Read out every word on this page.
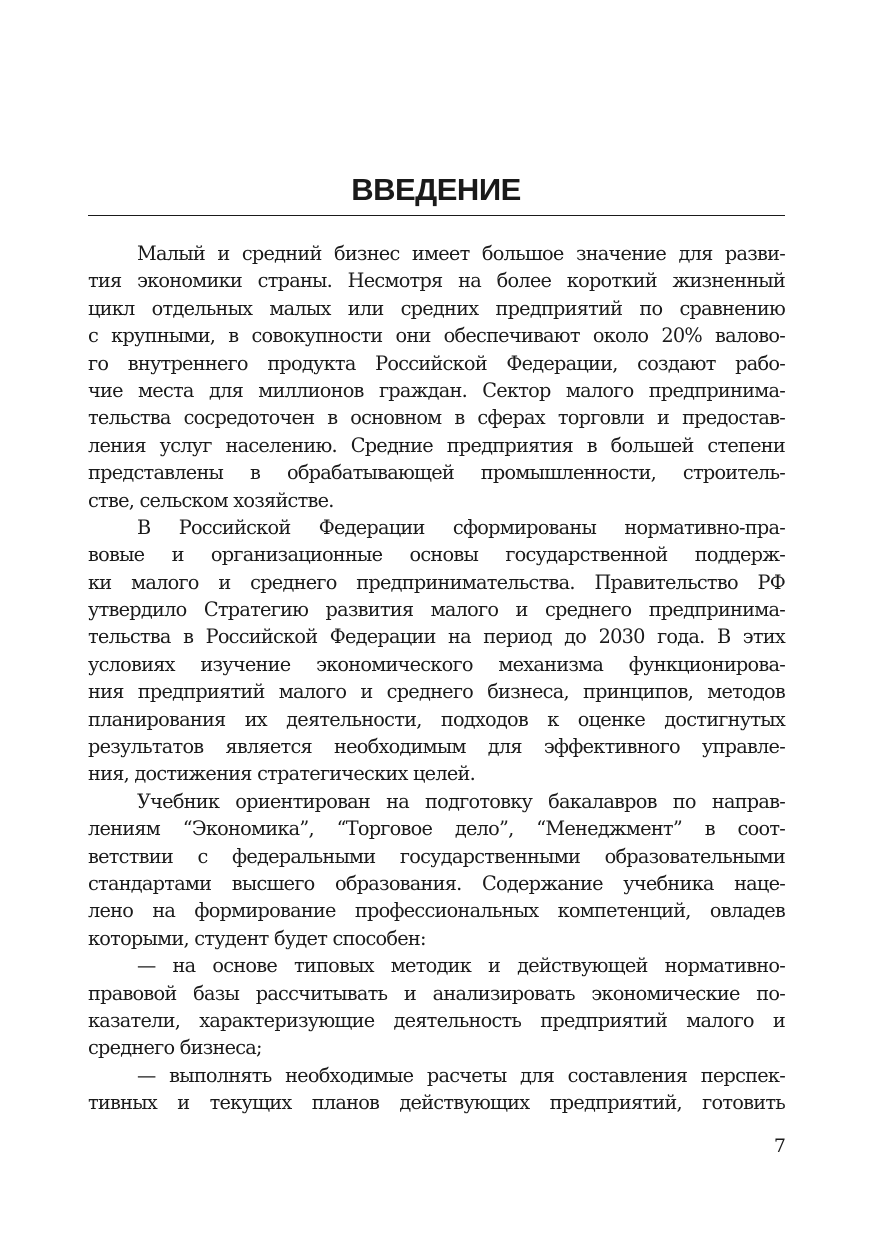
ВВЕДЕНИЕ
Малый и средний бизнес имеет большое значение для разви-
тия экономики страны. Несмотря на более короткий жизненный
цикл отдельных малых или средних предприятий по сравнению
с крупными, в совокупности они обеспечивают около 20% валово-
го внутреннего продукта Российской Федерации, создают рабо-
чие места для миллионов граждан. Сектор малого предпринима-
тельства сосредоточен в основном в сферах торговли и предостав-
ления услуг населению. Средние предприятия в большей степени
представлены в обрабатывающей промышленности, строитель-
стве, сельском хозяйстве.
В Российской Федерации сформированы нормативно-пра-
вовые и организационные основы государственной поддерж-
ки малого и среднего предпринимательства. Правительство РФ
утвердило Стратегию развития малого и среднего предпринима-
тельства в Российской Федерации на период до 2030 года. В этих
условиях изучение экономического механизма функционирова-
ния предприятий малого и среднего бизнеса, принципов, методов
планирования их деятельности, подходов к оценке достигнутых
результатов является необходимым для эффективного управле-
ния, достижения стратегических целей.
Учебник ориентирован на подготовку бакалавров по направ-
лениям “Экономика”, “Торговое дело”, “Менеджмент” в соот-
ветствии с федеральными государственными образовательными
стандартами высшего образования. Содержание учебника наце-
лено на формирование профессиональных компетенций, овладев
которыми, студент будет способен:
— на основе типовых методик и действующей нормативно-
правовой базы рассчитывать и анализировать экономические по-
казатели, характеризующие деятельность предприятий малого и
среднего бизнеса;
— выполнять необходимые расчеты для составления перспек-
тивных и текущих планов действующих предприятий, готовить
7
